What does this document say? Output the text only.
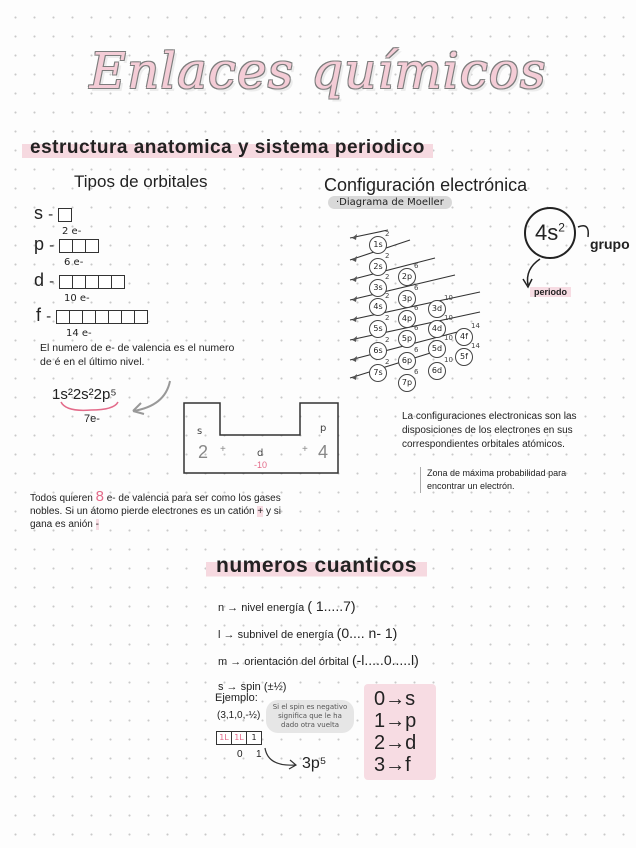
Enlaces químicos
estructura anatomica y sistema periodico
Tipos de orbitales
s -
2 e-
p -
6 e-
d -
10 e-
f -
14 e-
El numero de e- de valencia es el numero de é en el último nivel.
1s²2s²2p⁵
7e-
s	p
d
2 +
-10
+ 4
Todos quieren 8 e- de valencia para ser como los gases nobles. Si un átomo pierde electrones es un catión + y si gana es anión -
Configuración electrónica
·Diagrama de Moeller
1s
2
2s
2
2p
6
3s
2
3p
6
3d
10
4s
2
4p
6
4d
10
4f
14
5s
2
5p
6
5d
10
5f
14
6s
2
6p
6
6d
10
7s
2
7p
6
$4s^2$
grupo
periodo
La configuraciones electronicas son las disposiciones de los electrones en sus correspondientes orbitales atómicos.
Zona de máxima probabilidad para encontrar un electrón.
numeros cuanticos
n → nivel energía ( 1.....7)
l → subnivel de energía (0.... n- 1)
m → orientación del órbital (-l.....0.....l)
s → spin (±½)
Ejemplo:
(3,1,0,-½)
Si el spin es negativo significa que le ha dado otra vuelta
1L 1L 1
0 1
3p⁵
0→s
1→p
2→d
3→f
